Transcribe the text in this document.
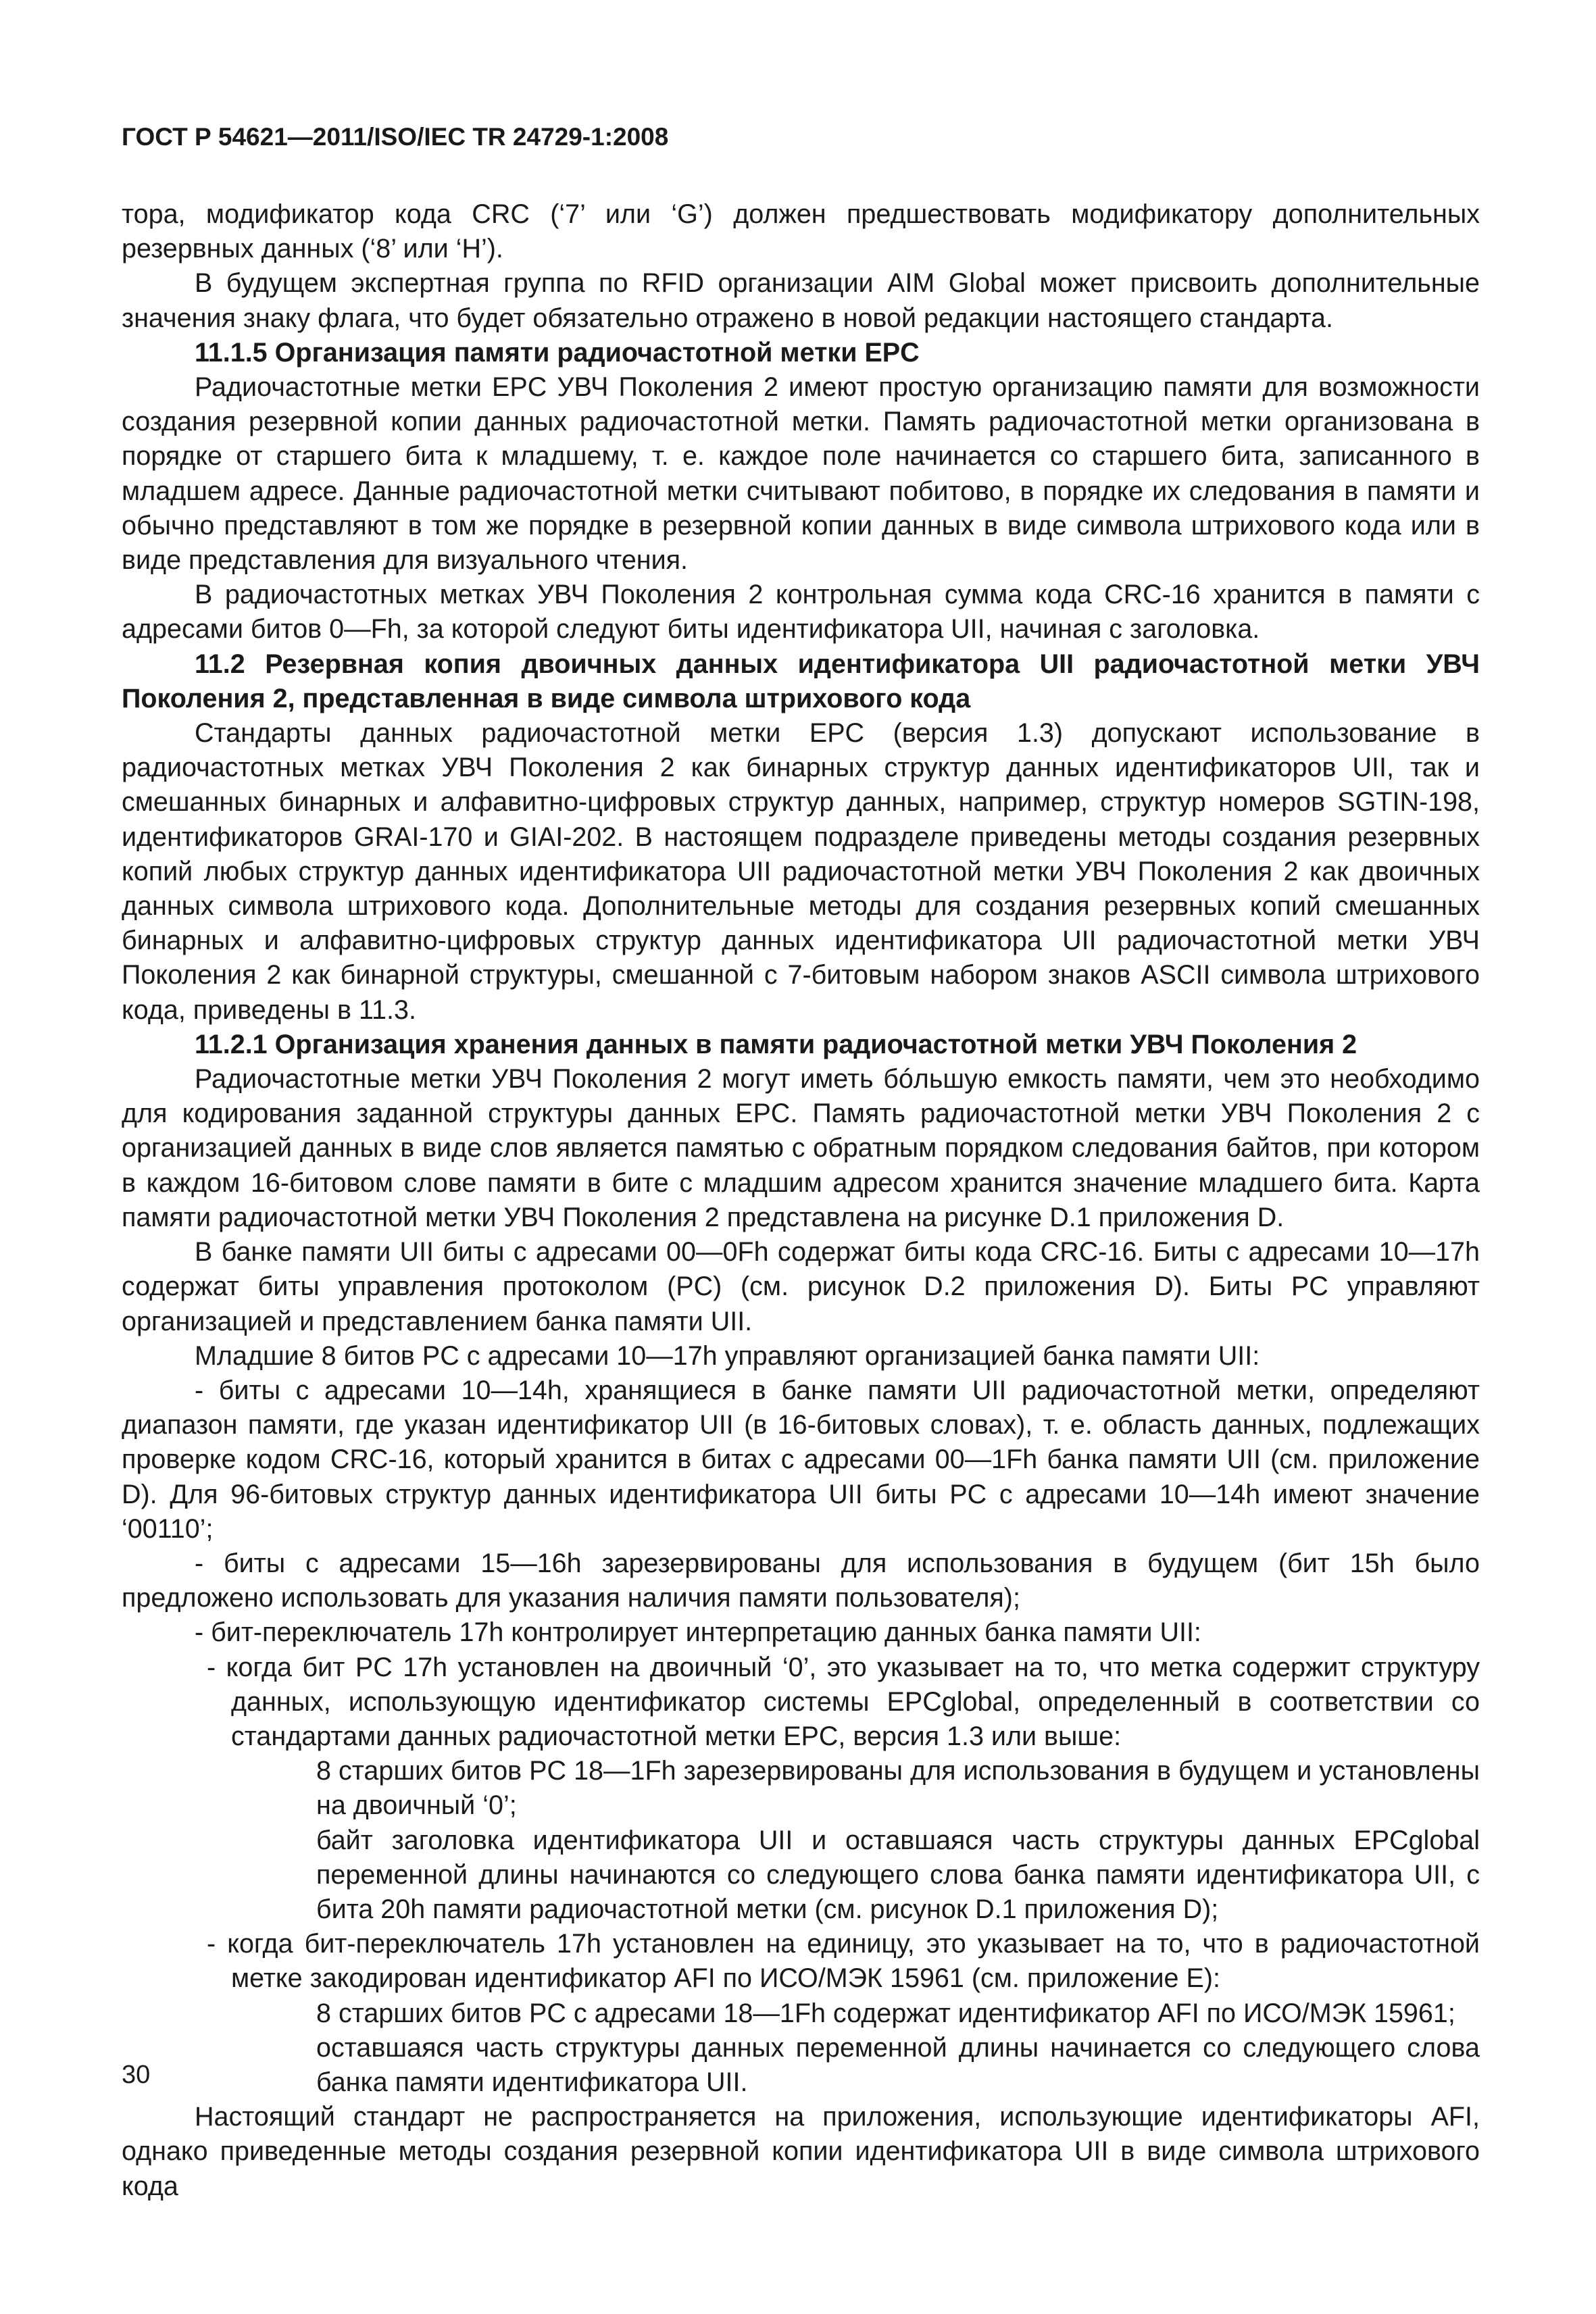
ГОСТ Р 54621—2011/ISO/IEC TR 24729-1:2008

тора, модификатор кода CRC (‘7’ или ‘G’) должен предшествовать модификатору дополнительных резервных данных (‘8’ или ‘H’).

В будущем экспертная группа по RFID организации AIM Global может присвоить дополнительные значения знаку флага, что будет обязательно отражено в новой редакции настоящего стандарта.

11.1.5 Организация памяти радиочастотной метки EPC

Радиочастотные метки EPC УВЧ Поколения 2 имеют простую организацию памяти для возможности создания резервной копии данных радиочастотной метки. Память радиочастотной метки организована в порядке от старшего бита к младшему, т. е. каждое поле начинается со старшего бита, записанного в младшем адресе. Данные радиочастотной метки считывают побитово, в порядке их следования в памяти и обычно представляют в том же порядке в резервной копии данных в виде символа штрихового кода или в виде представления для визуального чтения.

В радиочастотных метках УВЧ Поколения 2 контрольная сумма кода CRC-16 хранится в памяти с адресами битов 0—Fh, за которой следуют биты идентификатора UII, начиная с заголовка.

11.2 Резервная копия двоичных данных идентификатора UII радиочастотной метки УВЧ Поколения 2, представленная в виде символа штрихового кода

Стандарты данных радиочастотной метки EPC (версия 1.3) допускают использование в радиочастотных метках УВЧ Поколения 2 как бинарных структур данных идентификаторов UII, так и смешанных бинарных и алфавитно-цифровых структур данных, например, структур номеров SGTIN-198, идентификаторов GRAI-170 и GIAI-202. В настоящем подразделе приведены методы создания резервных копий любых структур данных идентификатора UII радиочастотной метки УВЧ Поколения 2 как двоичных данных символа штрихового кода. Дополнительные методы для создания резервных копий смешанных бинарных и алфавитно-цифровых структур данных идентификатора UII радиочастотной метки УВЧ Поколения 2 как бинарной структуры, смешанной с 7-битовым набором знаков ASCII символа штрихового кода, приведены в 11.3.

11.2.1 Организация хранения данных в памяти радиочастотной метки УВЧ Поколения 2

Радиочастотные метки УВЧ Поколения 2 могут иметь бóльшую емкость памяти, чем это необходимо для кодирования заданной структуры данных EPC. Память радиочастотной метки УВЧ Поколения 2 с организацией данных в виде слов является памятью с обратным порядком следования байтов, при котором в каждом 16-битовом слове памяти в бите с младшим адресом хранится значение младшего бита. Карта памяти радиочастотной метки УВЧ Поколения 2 представлена на рисунке D.1 приложения D.

В банке памяти UII биты с адресами 00—0Fh содержат биты кода CRC-16. Биты с адресами 10—17h содержат биты управления протоколом (PC) (см. рисунок D.2 приложения D). Биты PC управляют организацией и представлением банка памяти UII.

Младшие 8 битов PC с адресами 10—17h управляют организацией банка памяти UII:

- биты с адресами 10—14h, хранящиеся в банке памяти UII радиочастотной метки, определяют диапазон памяти, где указан идентификатор UII (в 16-битовых словах), т. е. область данных, подлежащих проверке кодом CRC-16, который хранится в битах с адресами 00—1Fh банка памяти UII (см. приложение D). Для 96-битовых структур данных идентификатора UII биты PC с адресами 10—14h имеют значение ‘00110’;

- биты с адресами 15—16h зарезервированы для использования в будущем (бит 15h было предложено использовать для указания наличия памяти пользователя);

- бит-переключатель 17h контролирует интерпретацию данных банка памяти UII:

- когда бит PC 17h установлен на двоичный ‘0’, это указывает на то, что метка содержит структуру данных, использующую идентификатор системы EPCglobal, определенный в соответствии со стандартами данных радиочастотной метки EPC, версия 1.3 или выше:

8 старших битов PC 18—1Fh зарезервированы для использования в будущем и установлены на двоичный ‘0’;

байт заголовка идентификатора UII и оставшаяся часть структуры данных EPCglobal переменной длины начинаются со следующего слова банка памяти идентификатора UII, с бита 20h памяти радиочастотной метки (см. рисунок D.1 приложения D);

- когда бит-переключатель 17h установлен на единицу, это указывает на то, что в радиочастотной метке закодирован идентификатор AFI по ИСО/МЭК 15961 (см. приложение E):

8 старших битов PC с адресами 18—1Fh содержат идентификатор AFI по ИСО/МЭК 15961;

оставшаяся часть структуры данных переменной длины начинается со следующего слова банка памяти идентификатора UII.

Настоящий стандарт не распространяется на приложения, использующие идентификаторы AFI, однако приведенные методы создания резервной копии идентификатора UII в виде символа штрихового кода

30
